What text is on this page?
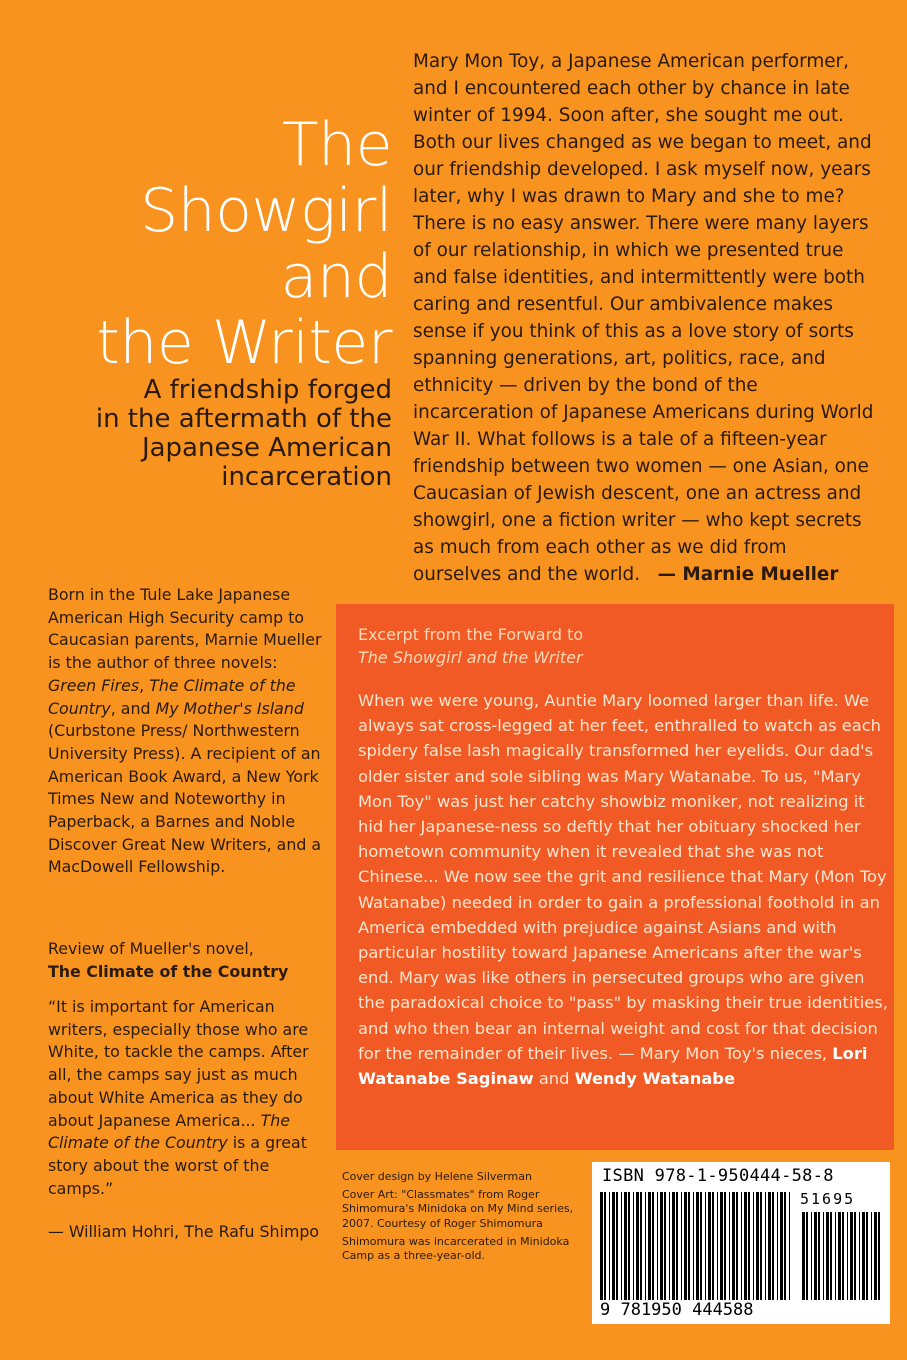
The
Showgirl
and
the Writer
A friendship forged
in the aftermath of the
Japanese American
incarceration
Mary Mon Toy, a Japanese American performer, and I encountered each other by chance in late winter of 1994. Soon after, she sought me out. Both our lives changed as we began to meet, and our friendship developed. I ask myself now, years later, why I was drawn to Mary and she to me? There is no easy answer. There were many layers of our relationship, in which we presented true and false identities, and intermittently were both caring and resentful. Our ambivalence makes sense if you think of this as a love story of sorts spanning generations, art, politics, race, and ethnicity — driven by the bond of the incarceration of Japanese Americans during World War II. What follows is a tale of a fifteen-year friendship between two women — one Asian, one Caucasian of Jewish descent, one an actress and showgirl, one a fiction writer — who kept secrets as much from each other as we did from ourselves and the world. — Marnie Mueller
Born in the Tule Lake Japanese American High Security camp to Caucasian parents, Marnie Mueller is the author of three novels: Green Fires, The Climate of the Country, and My Mother's Island (Curbstone Press/ Northwestern University Press). A recipient of an American Book Award, a New York Times New and Noteworthy in Paperback, a Barnes and Noble Discover Great New Writers, and a MacDowell Fellowship.
Review of Mueller's novel,
The Climate of the Country
“It is important for American writers, especially those who are White, to tackle the camps. After all, the camps say just as much about White America as they do about Japanese America... The Climate of the Country is a great story about the worst of the camps.”
— William Hohri, The Rafu Shimpo
Excerpt from the Forward to
The Showgirl and the Writer
When we were young, Auntie Mary loomed larger than life. We always sat cross-legged at her feet, enthralled to watch as each spidery false lash magically transformed her eyelids. Our dad's older sister and sole sibling was Mary Watanabe. To us, "Mary Mon Toy" was just her catchy showbiz moniker, not realizing it hid her Japanese-ness so deftly that her obituary shocked her hometown community when it revealed that she was not Chinese... We now see the grit and resilience that Mary (Mon Toy Watanabe) needed in order to gain a professional foothold in an America embedded with prejudice against Asians and with particular hostility toward Japanese Americans after the war's end. Mary was like others in persecuted groups who are given the paradoxical choice to "pass" by masking their true identities, and who then bear an internal weight and cost for that decision for the remainder of their lives. — Mary Mon Toy's nieces, Lori Watanabe Saginaw and Wendy Watanabe

Cover design by Helene Silverman

Cover Art: "Classmates" from Roger Shimomura's Minidoka on My Mind series, 2007. Courtesy of Roger Shimomura

Shimomura was incarcerated in Minidoka Camp as a three-year-old.

ISBN 978-1-950444-58-8
51695
9 781950 444588
